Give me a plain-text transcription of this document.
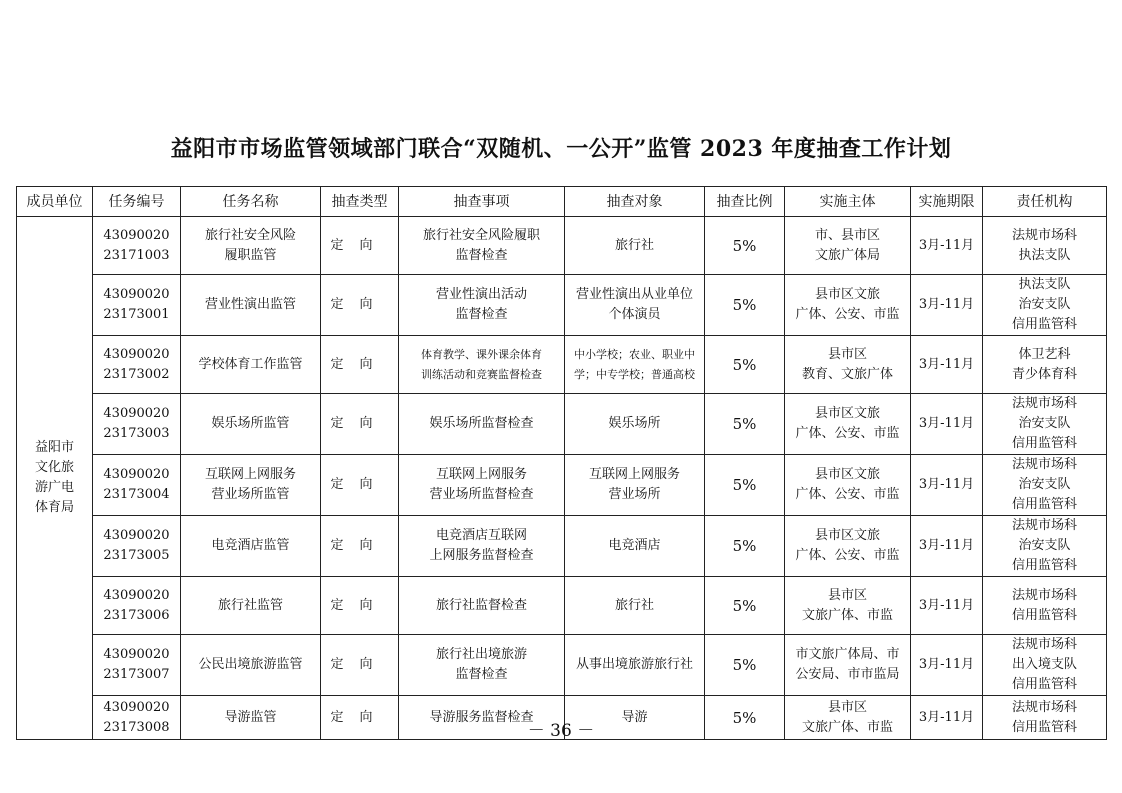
益阳市市场监管领域部门联合“双随机、一公开”监管 2023 年度抽查工作计划
成员单位	任务编号	任务名称	抽查类型	抽查事项	抽查对象	抽查比例	实施主体	实施期限	责任机构

益阳市
文化旅
游广电
体育局	43090020
23171003	旅行社安全风险
履职监管	定向	旅行社安全风险履职
监督检查	旅行社	5%	市、县市区
文旅广体局	3月-11月	法规市场科
执法支队

	43090020
23173001	营业性演出监管	定向	营业性演出活动
监督检查	营业性演出从业单位
个体演员	5%	县市区文旅
广体、公安、市监	3月-11月	执法支队
治安支队
信用监管科

	43090020
23173002	学校体育工作监管	定向	体育教学、课外课余体育
训练活动和竞赛监督检查	中小学校；农业、职业中
学；中专学校；普通高校	5%	县市区
教育、文旅广体	3月-11月	体卫艺科
青少体育科

	43090020
23173003	娱乐场所监管	定向	娱乐场所监督检查	娱乐场所	5%	县市区文旅
广体、公安、市监	3月-11月	法规市场科
治安支队
信用监管科

	43090020
23173004	互联网上网服务
营业场所监管	定向	互联网上网服务
营业场所监督检查	互联网上网服务
营业场所	5%	县市区文旅
广体、公安、市监	3月-11月	法规市场科
治安支队
信用监管科

	43090020
23173005	电竞酒店监管	定向	电竞酒店互联网
上网服务监督检查	电竞酒店	5%	县市区文旅
广体、公安、市监	3月-11月	法规市场科
治安支队
信用监管科

	43090020
23173006	旅行社监管	定向	旅行社监督检查	旅行社	5%	县市区
文旅广体、市监	3月-11月	法规市场科
信用监管科

	43090020
23173007	公民出境旅游监管	定向	旅行社出境旅游
监督检查	从事出境旅游旅行社	5%	市文旅广体局、市
公安局、市市监局	3月-11月	法规市场科
出入境支队
信用监管科

	43090020
23173008	导游监管	定向	导游服务监督检查	导游	5%	县市区
文旅广体、市监	3月-11月	法规市场科
信用监管科
－ 36 －
